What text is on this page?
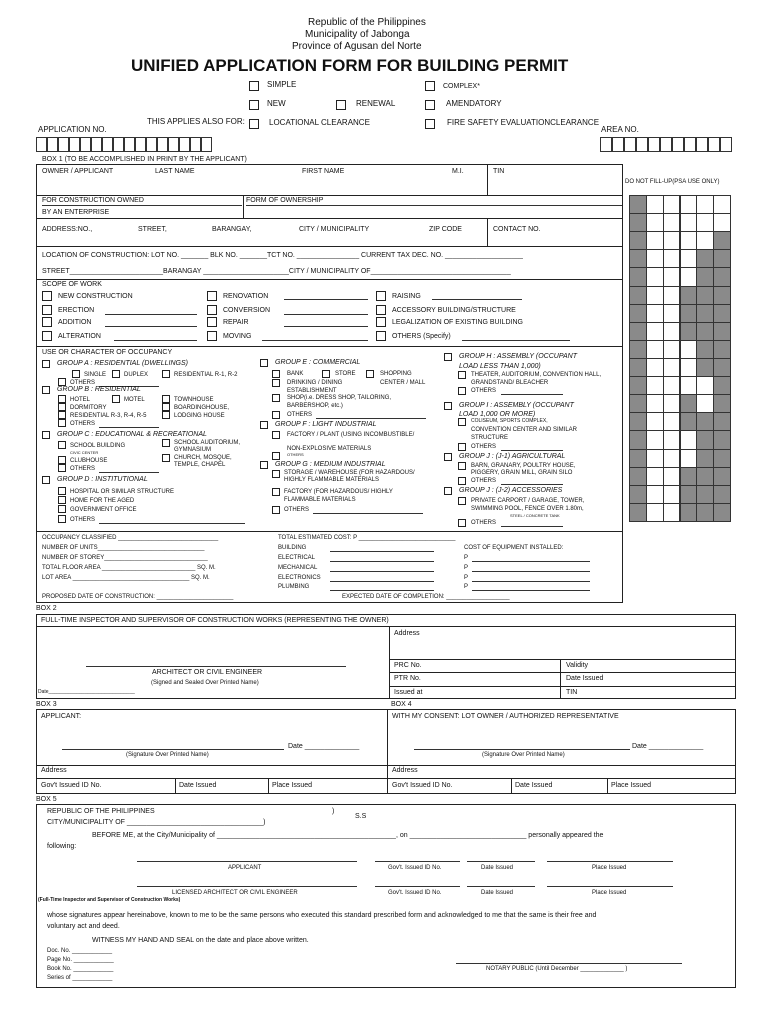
Republic of the Philippines
Municipality of Jabonga
Province of Agusan del Norte
UNIFIED APPLICATION FORM FOR BUILDING PERMIT
SIMPLE	COMPLEX*
NEW	RENEWAL	AMENDATORY
THIS APPLIES ALSO FOR:	LOCATIONAL CLEARANCE	FIRE SAFETY EVALUATIONCLEARANCE
APPLICATION NO.	AREA NO.
BOX 1 (TO BE ACCOMPLISHED IN PRINT BY THE APPLICANT)
OWNER / APPLICANT	LAST NAME	FIRST NAME	M.I.	TIN
DO NOT FILL-UP(PSA USE ONLY)
FOR CONSTRUCTION OWNED
BY AN ENTERPRISE
FORM OF OWNERSHIP
ADDRESS:NO.,	STREET,	BARANGAY,	CITY / MUNICIPALITY	ZIP CODE	CONTACT NO.
LOCATION OF CONSTRUCTION: LOT NO. _______ BLK NO. _______TCT NO. ________________ CURRENT TAX DEC. NO. ____________________
STREET________________________BARANGAY ______________________CITY / MUNICIPALITY OF____________________________________
SCOPE OF WORK
NEW CONSTRUCTION	RENOVATION	RAISING
ERECTION	CONVERSION	ACCESSORY BUILDING/STRUCTURE
ADDITION	REPAIR	LEGALIZATION OF EXISTING BUILDING
ALTERATION	MOVING	OTHERS (Specify)
USE OR CHARACTER OF OCCUPANCY
GROUP A : RESIDENTIAL (DWELLINGS)
SINGLE	DUPLEX	RESIDENTIAL R-1, R-2
OTHERS
GROUP B : RESIDENTIAL
HOTEL	MOTEL	TOWNHOUSE
DORMITORY	BOARDINGHOUSE,
RESIDENTIAL R-3, R-4, R-5	LODGING HOUSE
OTHERS
GROUP C : EDUCATIONAL & RECREATIONAL
SCHOOL BUILDING
CIVIC CENTER
SCHOOL AUDITORIUM,
GYMNASIUM
CLUBHOUSE	CHURCH, MOSQUE,
TEMPLE, CHAPEL
OTHERS
GROUP D : INSTITUTIONAL
HOSPITAL OR SIMILAR STRUCTURE
HOME FOR THE AGED
GOVERNMENT OFFICE
OTHERS
GROUP E : COMMERCIAL
BANK	STORE	SHOPPING
DRINKING / DINING	CENTER / MALL
ESTABLISHMENT
SHOP(i.e. DRESS SHOP, TAILORING,
BARBERSHOP, etc.)
OTHERS
GROUP F : LIGHT INDUSTRIAL
FACTORY / PLANT (USING INCOMBUSTIBLE/
NON-EXPLOSIVE MATERIALS
OTHERS
GROUP G : MEDIUM INDUSTRIAL
STORAGE / WAREHOUSE (FOR HAZARDOUS/
HIGHLY FLAMMABLE MATERIALS
FACTORY (FOR HAZARDOUS/ HIGHLY
FLAMMABLE MATERIALS
OTHERS
GROUP H : ASSEMBLY (OCCUPANT
LOAD LESS THAN 1,000)
THEATER, AUDITORIUM, CONVENTION HALL,
GRANDSTAND/ BLEACHER
OTHERS
GROUP I : ASSEMBLY (OCCUPANT
LOAD 1,000 OR MORE)
COLISEUM, SPORTS COMPLEX,
CONVENTION CENTER AND SIMILAR
STRUCTURE
OTHERS
GROUP J : (J-1) AGRICULTURAL
BARN, GRANARY, POULTRY HOUSE,
PIGGERY, GRAIN MILL, GRAIN SILO
OTHERS
GROUP J : (J-2) ACCESSORIES
PRIVATE CARPORT / GARAGE, TOWER,
SWIMMING POOL, FENCE OVER 1.80m,
STEEL / CONCRETE TANK
OTHERS
OCCUPANCY CLASSIFIED ______________________________
NUMBER OF UNITS________________________________
NUMBER OF STOREY_______________________________
TOTAL FLOOR AREA ____________________________ SQ. M.
LOT AREA ___________________________________ SQ. M.
TOTAL ESTIMATED COST: P _____________________________
BUILDING
ELECTRICAL
MECHANICAL
ELECTRONICS
PLUMBING
COST OF EQUIPMENT INSTALLED:
P
P
P
P
PROPOSED DATE OF CONSTRUCTION: _______________________	EXPECTED DATE OF COMPLETION: ___________________
BOX 2
FULL-TIME INSPECTOR AND SUPERVISOR OF CONSTRUCTION WORKS (REPRESENTING THE OWNER)
Address
PRC No.	Validity
PTR No.	Date Issued
Issued at	TIN
ARCHITECT OR CIVIL ENGINEER
(Signed and Sealed Over Printed Name)
Date_______________________________
BOX 3	BOX 4
APPLICANT:
(Signature Over Printed Name)
Date ______________
Address
Gov't Issued ID No.	Date Issued	Place Issued
WITH MY CONSENT: LOT OWNER / AUTHORIZED REPRESENTATIVE
(Signature Over Printed Name)
Date ______________
Address
Gov't Issued ID No.	Date Issued	Place Issued
BOX 5
REPUBLIC OF THE PHILIPPINES	)
S.S
CITY/MUNICIPALITY OF ___________________________________)
BEFORE ME, at the City/Municipality of ______________________________________________, on ______________________________ personally appeared the
following:
APPLICANT	Gov't. Issued ID No.	Date Issued	Place Issued
LICENSED ARCHITECT OR CIVIL ENGINEER	Gov't. Issued ID No.	Date Issued	Place Issued
(Full-Time Inspector and Supervisor of Construction Works)
whose signatures appear hereinabove, known to me to be the same persons who executed this standard prescribed form and acknowledged to me that the same is their free and
voluntary act and deed.
WITNESS MY HAND AND SEAL on the date and place above written.
Doc. No. ____________
Page No. ____________
Book No. ____________
Series of ____________
NOTARY PUBLIC (Until December _____________ )
